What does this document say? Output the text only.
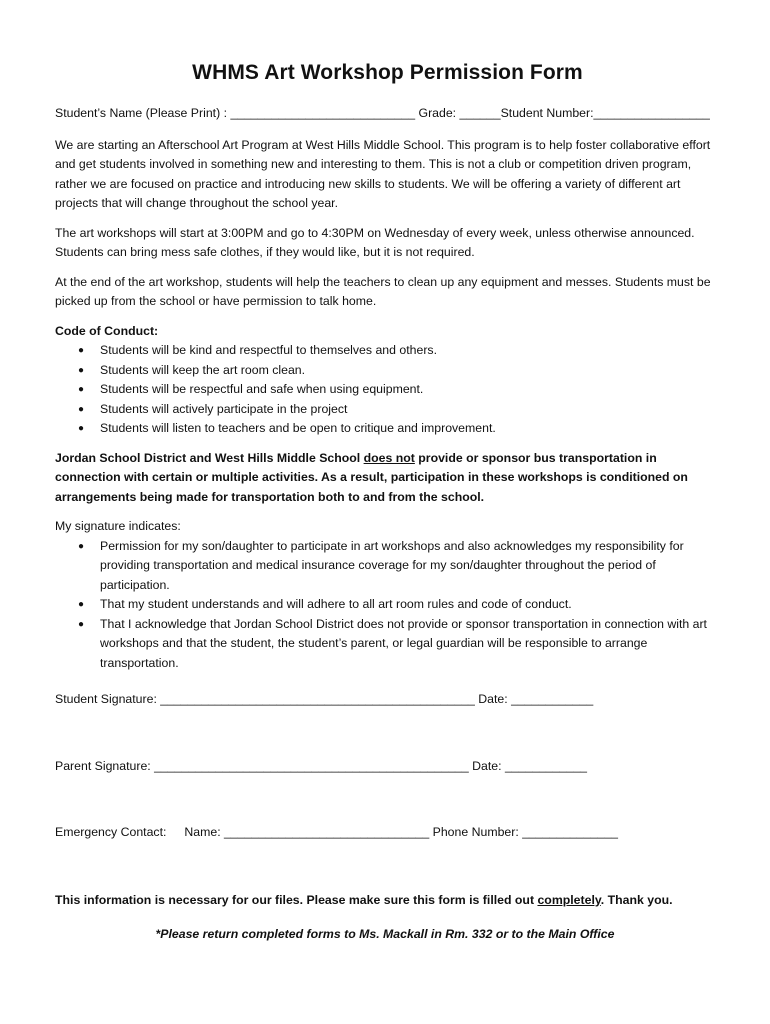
WHMS Art Workshop Permission Form
Student’s Name (Please Print) : ___________________________ Grade: ______Student Number:_________________

We are starting an Afterschool Art Program at West Hills Middle School. This program is to help foster collaborative effort and get students involved in something new and interesting to them. This is not a club or competition driven program, rather we are focused on practice and introducing new skills to students. We will be offering a variety of different art projects that will change throughout the school year.

The art workshops will start at 3:00PM and go to 4:30PM on Wednesday of every week, unless otherwise announced. Students can bring mess safe clothes, if they would like, but it is not required.

At the end of the art workshop, students will help the teachers to clean up any equipment and messes. Students must be picked up from the school or have permission to talk home.

Code of Conduct:

● Students will be kind and respectful to themselves and others.
● Students will keep the art room clean.
● Students will be respectful and safe when using equipment.
● Students will actively participate in the project
● Students will listen to teachers and be open to critique and improvement.

Jordan School District and West Hills Middle School does not provide or sponsor bus transportation in connection with certain or multiple activities. As a result, participation in these workshops is conditioned on arrangements being made for transportation both to and from the school.

My signature indicates:

● Permission for my son/daughter to participate in art workshops and also acknowledges my responsibility for providing transportation and medical insurance coverage for my son/daughter throughout the period of participation.
● That my student understands and will adhere to all art room rules and code of conduct.
● That I acknowledge that Jordan School District does not provide or sponsor transportation in connection with art workshops and that the student, the student’s parent, or legal guardian will be responsible to arrange transportation.
Student Signature: ______________________________________________ Date: ____________
Parent Signature: ______________________________________________ Date: ____________
Emergency Contact: Name: ______________________________ Phone Number: ______________

This information is necessary for our files. Please make sure this form is filled out completely. Thank you.

*Please return completed forms to Ms. Mackall in Rm. 332 or to the Main Office
